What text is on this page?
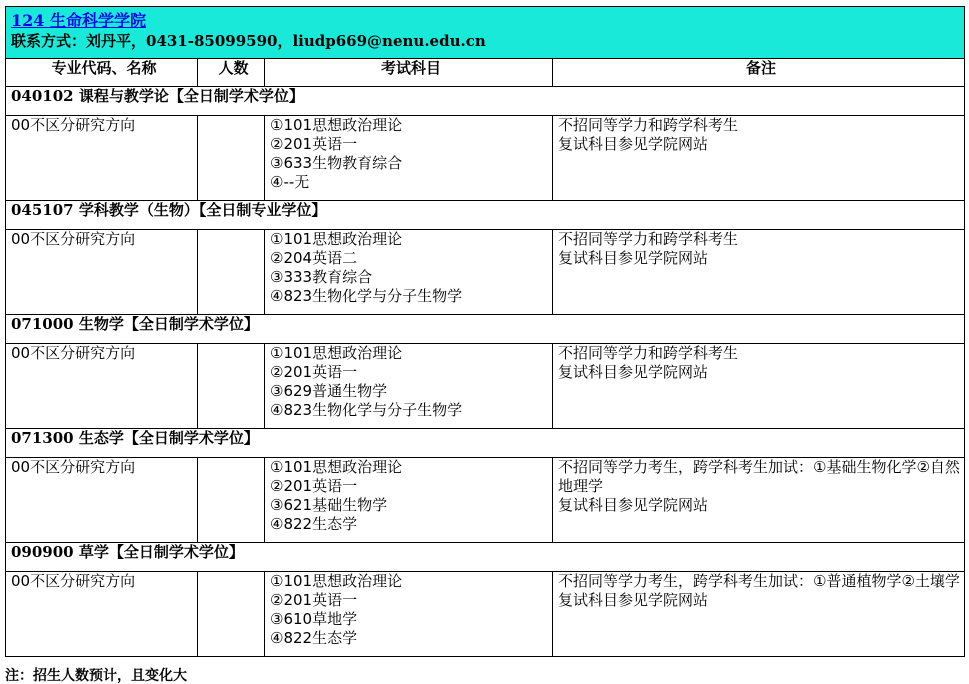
124 生命科学学院
联系方式：刘丹平，0431-85099590，liudp669@nenu.edu.cn			

专业代码、名称	人数	考试科目	备注
040102 课程与教学论【全日制学术学位】			
00不区分研究方向		①101思想政治理论
②201英语一
③633生物教育综合
④--无	不招同等学力和跨学科考生
复试科目参见学院网站

045107 学科教学（生物）【全日制专业学位】			
00不区分研究方向		①101思想政治理论
②204英语二
③333教育综合
④823生物化学与分子生物学	不招同等学力和跨学科考生
复试科目参见学院网站

071000 生物学【全日制学术学位】			
00不区分研究方向		①101思想政治理论
②201英语一
③629普通生物学
④823生物化学与分子生物学	不招同等学力和跨学科考生
复试科目参见学院网站

071300 生态学【全日制学术学位】			
00不区分研究方向		①101思想政治理论
②201英语一
③621基础生物学
④822生态学	不招同等学力考生，跨学科考生加试：①基础生物化学②自然地理学
复试科目参见学院网站

090900 草学【全日制学术学位】			
00不区分研究方向		①101思想政治理论
②201英语一
③610草地学
④822生态学	不招同等学力考生，跨学科考生加试：①普通植物学②土壤学
复试科目参见学院网站
注：招生人数预计，且变化大
